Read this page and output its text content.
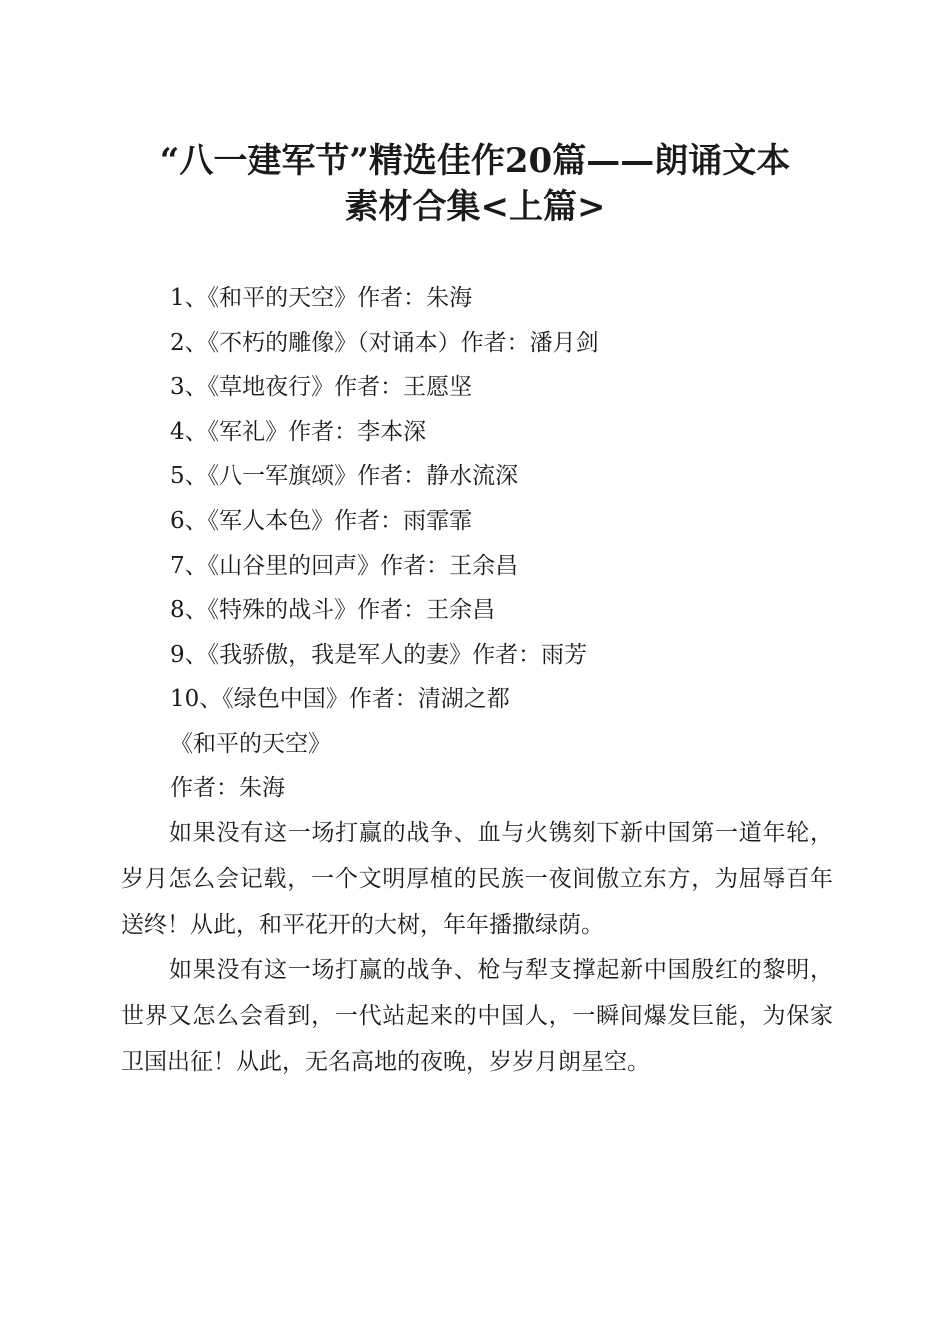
“八一建军节”精选佳作20篇——朗诵文本
素材合集<上篇>
1、《和平的天空》作者：朱海
2、《不朽的雕像》（对诵本）作者：潘月剑
3、《草地夜行》作者：王愿坚
4、《军礼》作者：李本深
5、《八一军旗颂》作者：静水流深
6、《军人本色》作者：雨霏霏
7、《山谷里的回声》作者：王余昌
8、《特殊的战斗》作者：王余昌
9、《我骄傲，我是军人的妻》作者：雨芳
10、《绿色中国》作者：清湖之都
《和平的天空》
作者：朱海

如果没有这一场打赢的战争、血与火镌刻下新中国第一道年轮，岁月怎么会记载，一个文明厚植的民族一夜间傲立东方，为屈辱百年送终！从此，和平花开的大树，年年播撒绿荫。

如果没有这一场打赢的战争、枪与犁支撑起新中国殷红的黎明，世界又怎么会看到，一代站起来的中国人，一瞬间爆发巨能，为保家卫国出征！从此，无名高地的夜晚，岁岁月朗星空。
